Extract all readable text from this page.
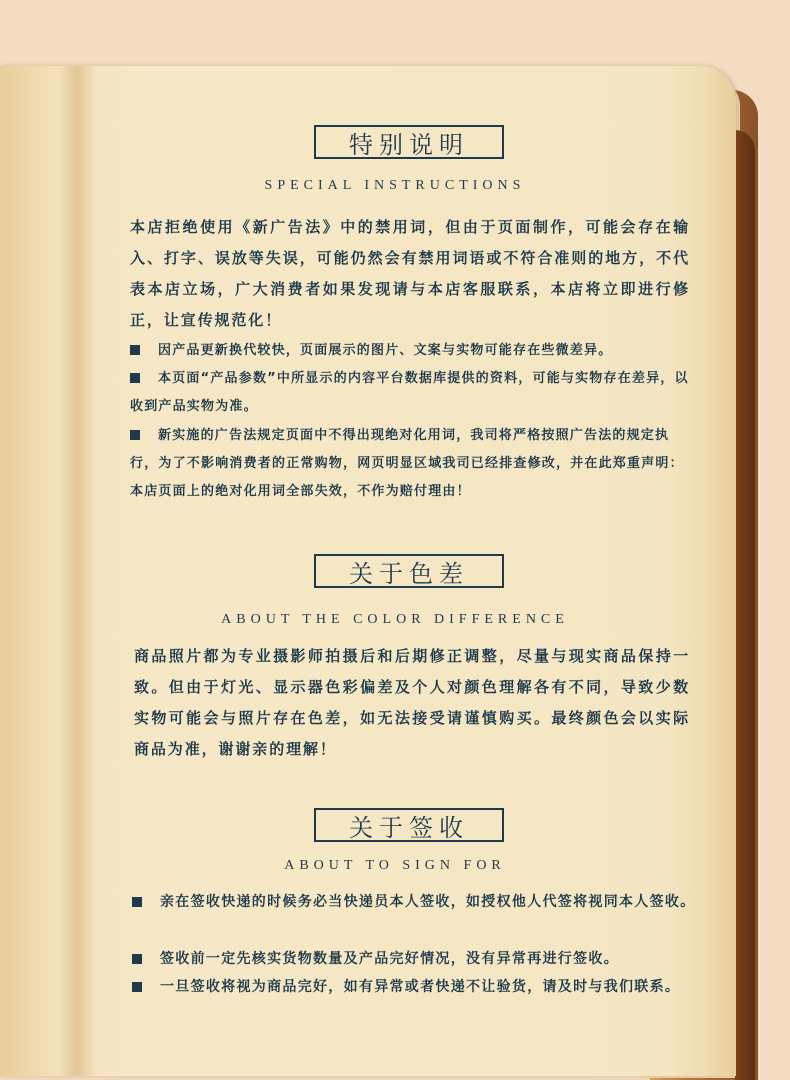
特别说明
SPECIAL INSTRUCTIONS

本店拒绝使用《新广告法》中的禁用词，但由于页面制作，可能会存在输入、打字、误放等失误，可能仍然会有禁用词语或不符合准则的地方，不代表本店立场，广大消费者如果发现请与本店客服联系，本店将立即进行修正，让宣传规范化！

因产品更新换代较快，页面展示的图片、文案与实物可能存在些微差异。

本页面“产品参数”中所显示的内容平台数据库提供的资料，可能与实物存在差异，以收到产品实物为准。

新实施的广告法规定页面中不得出现绝对化用词，我司将严格按照广告法的规定执行，为了不影响消费者的正常购物，网页明显区域我司已经排查修改，并在此郑重声明：本店页面上的绝对化用词全部失效，不作为赔付理由！

关于色差
ABOUT THE COLOR DIFFERENCE

商品照片都为专业摄影师拍摄后和后期修正调整，尽量与现实商品保持一致。但由于灯光、显示器色彩偏差及个人对颜色理解各有不同，导致少数实物可能会与照片存在色差，如无法接受请谨慎购买。最终颜色会以实际商品为准，谢谢亲的理解！

关于签收
ABOUT TO SIGN FOR

亲在签收快递的时候务必当快递员本人签收，如授权他人代签将视同本人签收。

签收前一定先核实货物数量及产品完好情况，没有异常再进行签收。

一旦签收将视为商品完好，如有异常或者快递不让验货，请及时与我们联系。
